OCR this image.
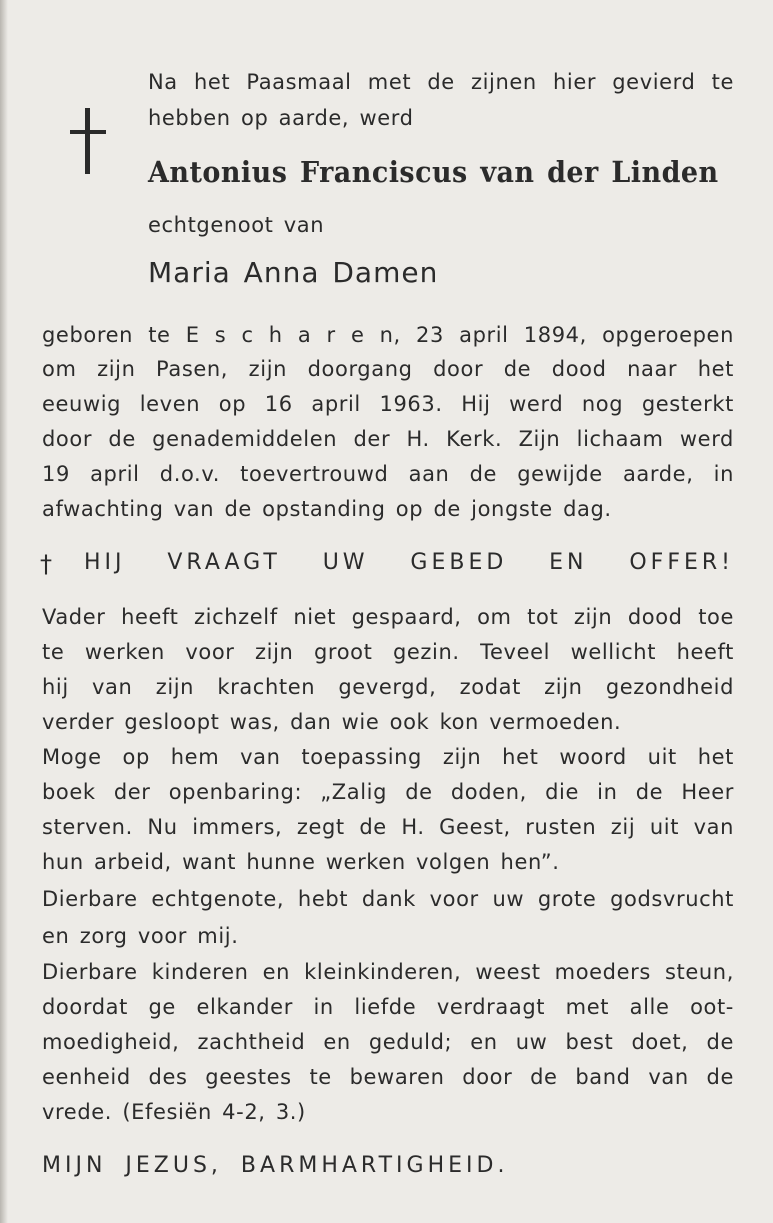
Na het Paasmaal met de zijnen hier gevierd te
hebben op aarde, werd
Antonius Franciscus van der Linden
echtgenoot van
Maria Anna Damen
geboren te E s c h a r e n, 23 april 1894, opgeroepen
om zijn Pasen, zijn doorgang door de dood naar het
eeuwig leven op 16 april 1963. Hij werd nog gesterkt
door de genademiddelen der H. Kerk. Zijn lichaam werd
19 april d.o.v. toevertrouwd aan de gewijde aarde, in
afwachting van de opstanding op de jongste dag.
† HIJ VRAAGT UW GEBED EN OFFER!
Vader heeft zichzelf niet gespaard, om tot zijn dood toe
te werken voor zijn groot gezin. Teveel wellicht heeft
hij van zijn krachten gevergd, zodat zijn gezondheid
verder gesloopt was, dan wie ook kon vermoeden.
Moge op hem van toepassing zijn het woord uit het
boek der openbaring: „Zalig de doden, die in de Heer
sterven. Nu immers, zegt de H. Geest, rusten zij uit van
hun arbeid, want hunne werken volgen hen”.
Dierbare echtgenote, hebt dank voor uw grote godsvrucht
en zorg voor mij.
Dierbare kinderen en kleinkinderen, weest moeders steun,
doordat ge elkander in liefde verdraagt met alle oot-
moedigheid, zachtheid en geduld; en uw best doet, de
eenheid des geestes te bewaren door de band van de
vrede. (Efesiën 4-2, 3.)
MIJN JEZUS, BARMHARTIGHEID.
